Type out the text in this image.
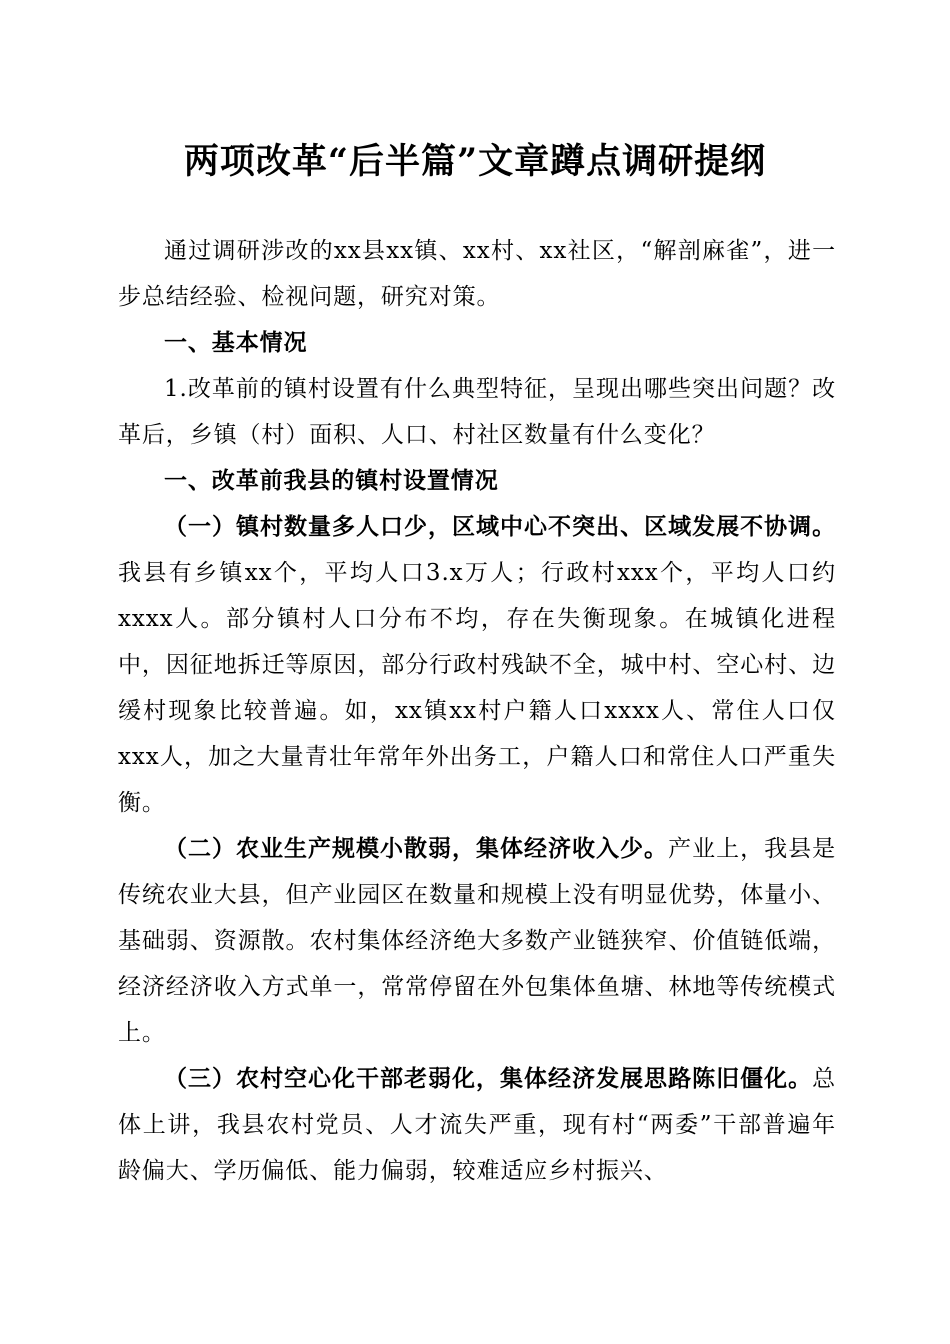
两项改革“后半篇”文章蹲点调研提纲

通过调研涉改的xx县xx镇、xx村、xx社区，“解剖麻雀”，进一步总结经验、检视问题，研究对策。

一、基本情况

1.改革前的镇村设置有什么典型特征，呈现出哪些突出问题？改革后，乡镇（村）面积、人口、村社区数量有什么变化？

一、改革前我县的镇村设置情况

（一）镇村数量多人口少，区域中心不突出、区域发展不协调。我县有乡镇xx个，平均人口3.x万人；行政村xxx个，平均人口约xxxx人。部分镇村人口分布不均，存在失衡现象。在城镇化进程中，因征地拆迁等原因，部分行政村残缺不全，城中村、空心村、边缓村现象比较普遍。如，xx镇xx村户籍人口xxxx人、常住人口仅xxx人，加之大量青壮年常年外出务工，户籍人口和常住人口严重失衡。

（二）农业生产规模小散弱，集体经济收入少。产业上，我县是传统农业大县，但产业园区在数量和规模上没有明显优势，体量小、基础弱、资源散。农村集体经济绝大多数产业链狭窄、价值链低端，经济经济收入方式单一，常常停留在外包集体鱼塘、林地等传统模式上。

（三）农村空心化干部老弱化，集体经济发展思路陈旧僵化。总体上讲，我县农村党员、人才流失严重，现有村“两委”干部普遍年龄偏大、学历偏低、能力偏弱，较难适应乡村振兴、
